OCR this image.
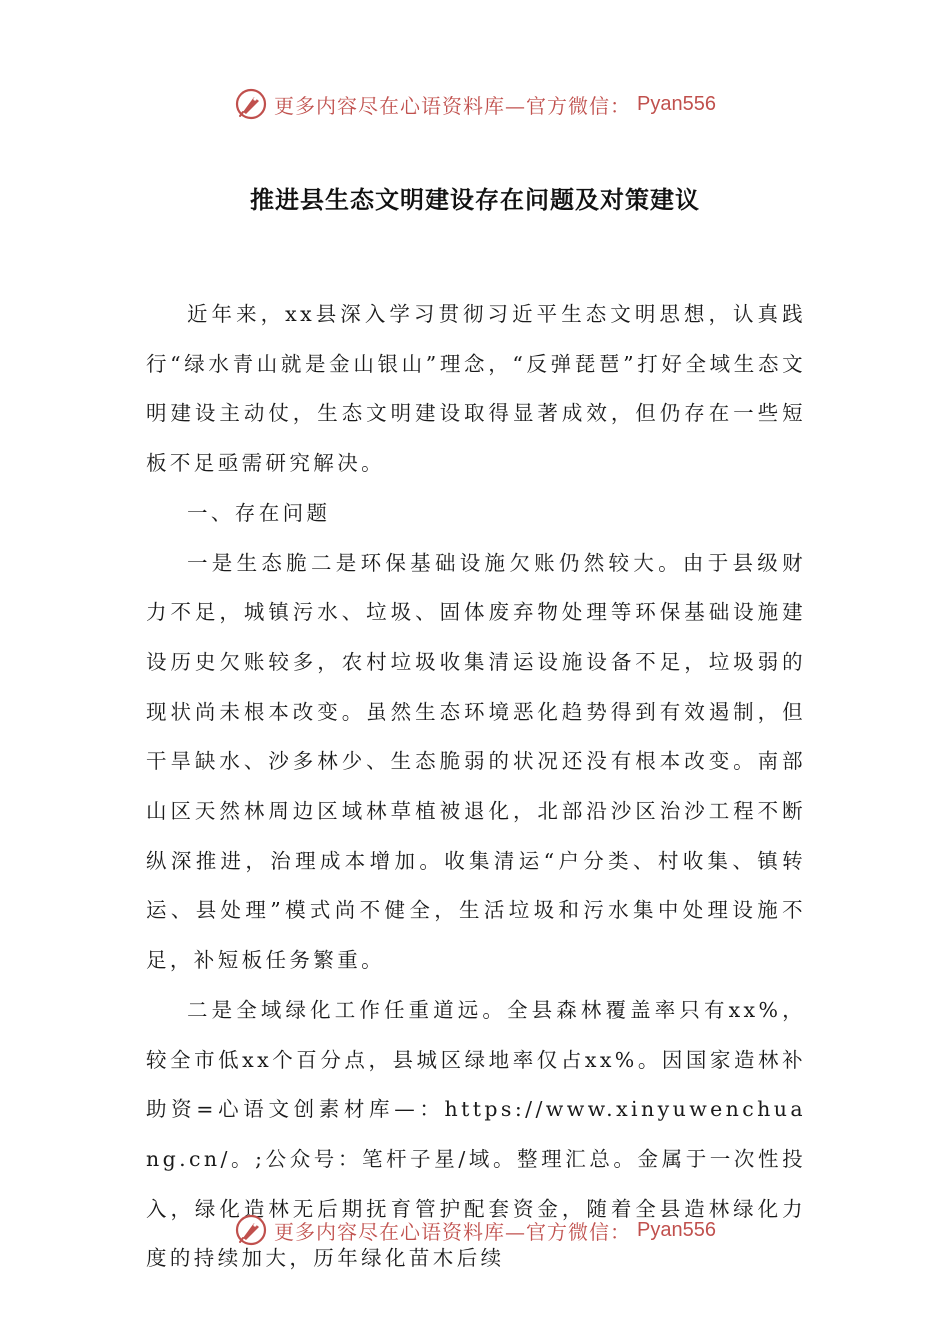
更多内容尽在心语资料库—官方微信： Pyan556
推进县生态文明建设存在问题及对策建议

近年来，xx县深入学习贯彻习近平生态文明思想，认真践行“绿水青山就是金山银山”理念，“反弹琵琶”打好全域生态文明建设主动仗，生态文明建设取得显著成效，但仍存在一些短板不足亟需研究解决。

一、存在问题

一是生态脆二是环保基础设施欠账仍然较大。由于县级财力不足，城镇污水、垃圾、固体废弃物处理等环保基础设施建设历史欠账较多，农村垃圾收集清运设施设备不足，垃圾弱的现状尚未根本改变。虽然生态环境恶化趋势得到有效遏制，但干旱缺水、沙多林少、生态脆弱的状况还没有根本改变。南部山区天然林周边区域林草植被退化，北部沿沙区治沙工程不断纵深推进，治理成本增加。收集清运“户分类、村收集、镇转运、县处理”模式尚不健全，生活垃圾和污水集中处理设施不足，补短板任务繁重。

二是全域绿化工作任重道远。全县森林覆盖率只有xx%，较全市低xx个百分点，县城区绿地率仅占xx%。因国家造林补助资=心语文创素材库—：https://www.xinyuwenchuang.cn/。;公众号：笔杆子星/域。整理汇总。金属于一次性投入，绿化造林无后期抚育管护配套资金，随着全县造林绿化力度的持续加大，历年绿化苗木后续

更多内容尽在心语资料库—官方微信： Pyan556
